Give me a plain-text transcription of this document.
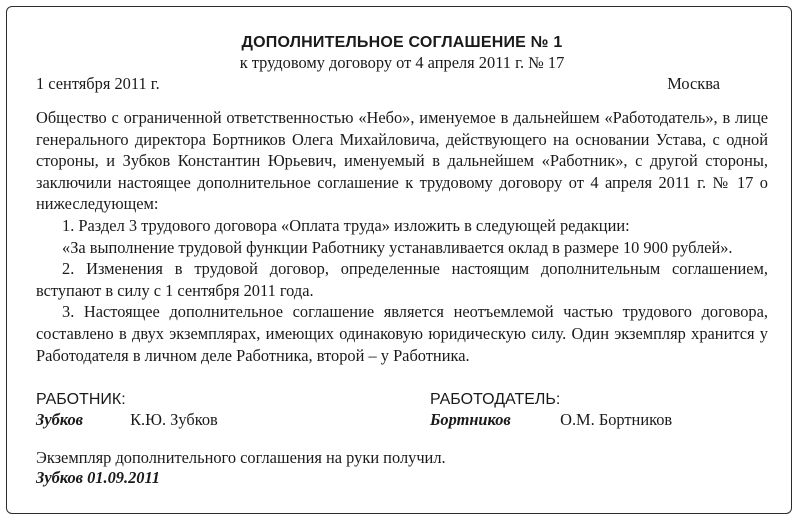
ДОПОЛНИТЕЛЬНОЕ СОГЛАШЕНИЕ № 1
к трудовому договору от 4 апреля 2011 г. № 17
1 сентября 2011 г.	Москва

Общество с ограниченной ответственностью «Небо», именуемое в дальнейшем «Работодатель», в лице генерального директора Бортников Олега Михайловича, действующего на основании Устава, с одной стороны, и Зубков Константин Юрьевич, именуемый в дальнейшем «Работник», с другой стороны, заключили настоящее дополнительное соглашение к трудовому договору от 4 апреля 2011 г. № 17 о нижеследующем:

1. Раздел 3 трудового договора «Оплата труда» изложить в следующей редакции:

«За выполнение трудовой функции Работнику устанавливается оклад в размере 10 900 рублей».

2. Изменения в трудовой договор, определенные настоящим дополнительным соглашением, вступают в силу с 1 сентября 2011 года.

3. Настоящее дополнительное соглашение является неотъемлемой частью трудового договора, составлено в двух экземплярах, имеющих одинаковую юридическую силу. Один экземпляр хранится у Работодателя в личном деле Работника, второй – у Работника.

РАБОТНИК:
Зубков	К.Ю. Зубков
РАБОТОДАТЕЛЬ:
Бортников	О.М. Бортников
Экземпляр дополнительного соглашения на руки получил.
Зубков 01.09.2011
